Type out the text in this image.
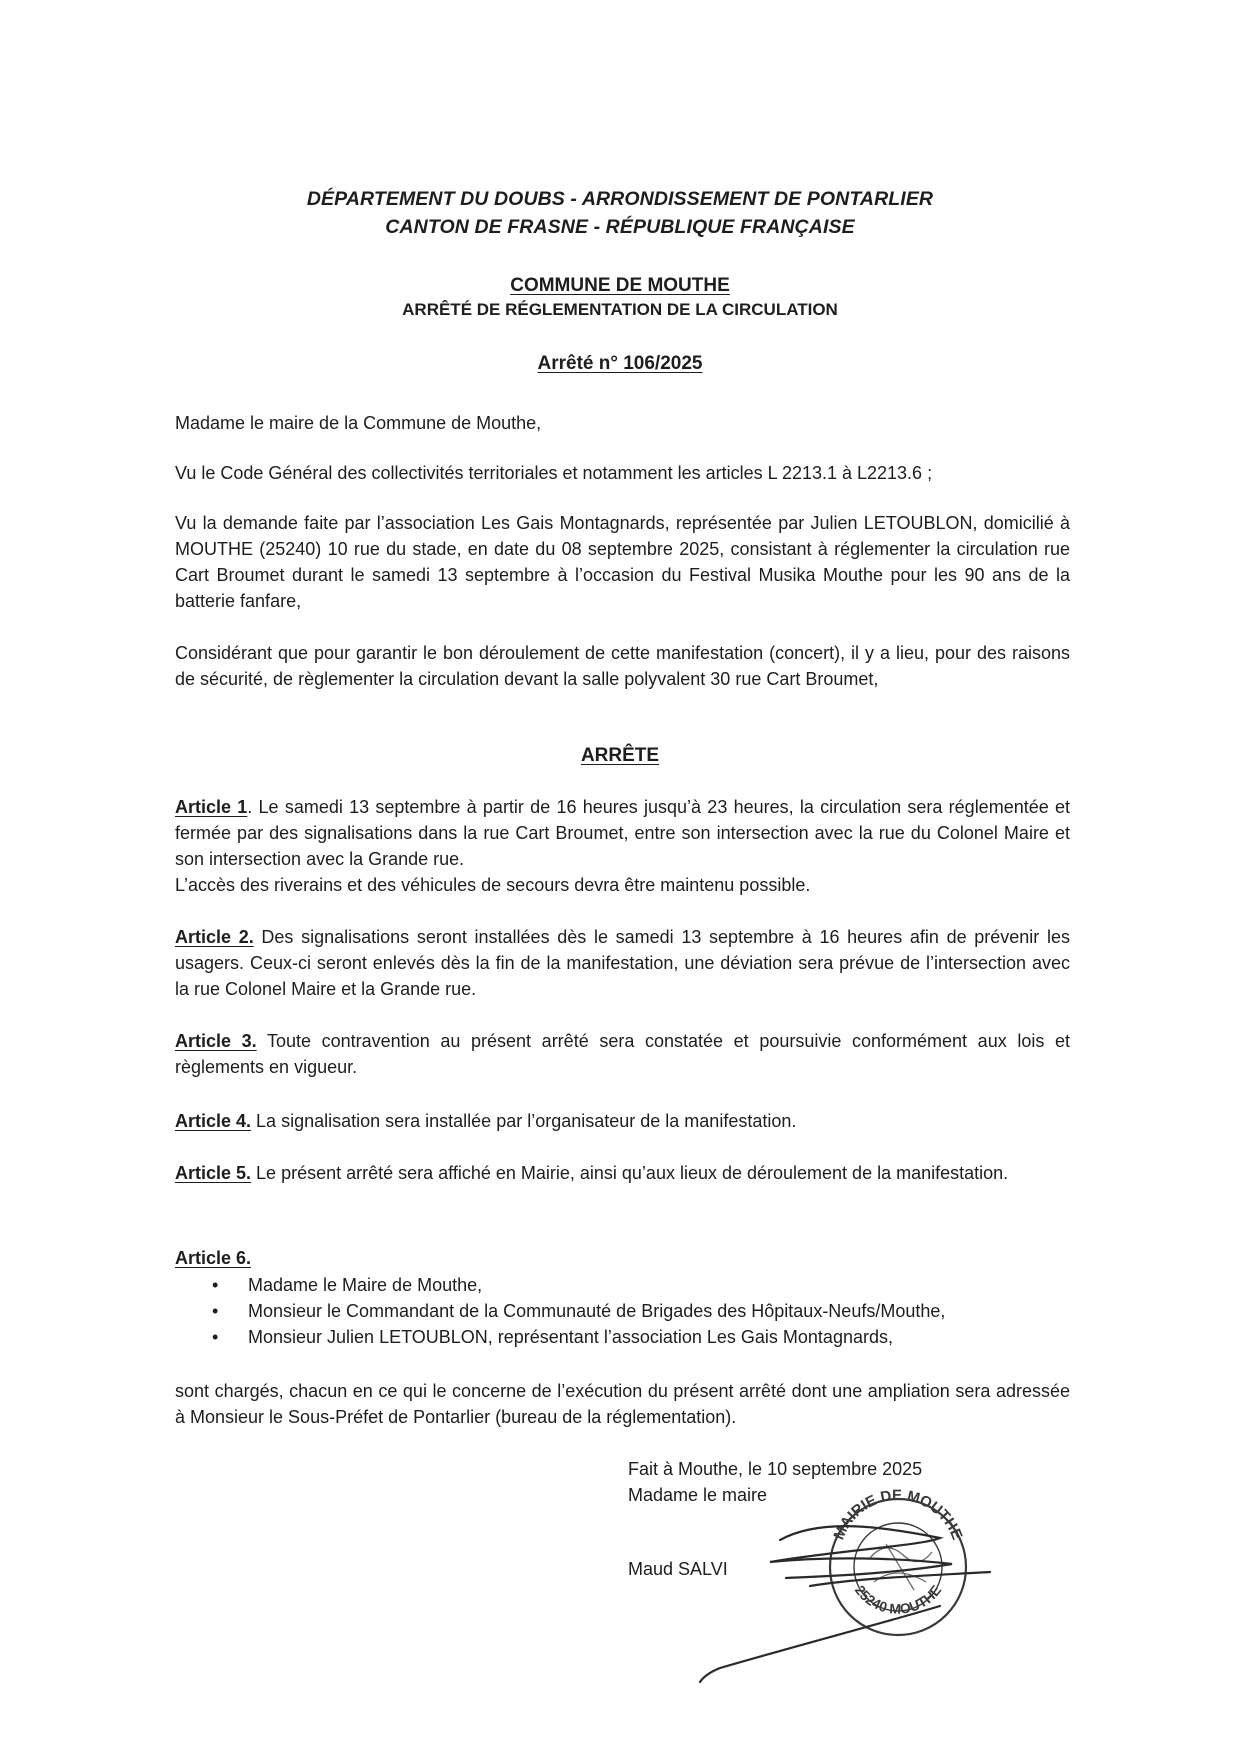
DÉPARTEMENT DU DOUBS - ARRONDISSEMENT DE PONTARLIER
CANTON DE FRASNE - RÉPUBLIQUE FRANÇAISE
COMMUNE DE MOUTHE
ARRÊTÉ DE RÉGLEMENTATION DE LA CIRCULATION
Arrêté n° 106/2025
Madame le maire de la Commune de Mouthe,
Vu le Code Général des collectivités territoriales et notamment les articles L 2213.1 à L2213.6 ;
Vu la demande faite par l’association Les Gais Montagnards, représentée par Julien LETOUBLON, domicilié à MOUTHE (25240) 10 rue du stade, en date du 08 septembre 2025, consistant à réglementer la circulation rue Cart Broumet durant le samedi 13 septembre à l’occasion du Festival Musika Mouthe pour les 90 ans de la batterie fanfare,
Considérant que pour garantir le bon déroulement de cette manifestation (concert), il y a lieu, pour des raisons de sécurité, de règlementer la circulation devant la salle polyvalent 30 rue Cart Broumet,
ARRÊTE
Article 1. Le samedi 13 septembre à partir de 16 heures jusqu’à 23 heures, la circulation sera réglementée et fermée par des signalisations dans la rue Cart Broumet, entre son intersection avec la rue du Colonel Maire et son intersection avec la Grande rue.
L’accès des riverains et des véhicules de secours devra être maintenu possible.
Article 2. Des signalisations seront installées dès le samedi 13 septembre à 16 heures afin de prévenir les usagers. Ceux-ci seront enlevés dès la fin de la manifestation, une déviation sera prévue de l’intersection avec la rue Colonel Maire et la Grande rue.
Article 3. Toute contravention au présent arrêté sera constatée et poursuivie conformément aux lois et règlements en vigueur.
Article 4. La signalisation sera installée par l’organisateur de la manifestation.
Article 5. Le présent arrêté sera affiché en Mairie, ainsi qu’aux lieux de déroulement de la manifestation.
Article 6.
• Madame le Maire de Mouthe,
• Monsieur le Commandant de la Communauté de Brigades des Hôpitaux-Neufs/Mouthe,
• Monsieur Julien LETOUBLON, représentant l’association Les Gais Montagnards,
sont chargés, chacun en ce qui le concerne de l’exécution du présent arrêté dont une ampliation sera adressée à Monsieur le Sous-Préfet de Pontarlier (bureau de la réglementation).
Fait à Mouthe, le 10 septembre 2025
Madame le maire
Maud SALVI
MAIRIE DE MOUTHE
25240 MOUTHE
